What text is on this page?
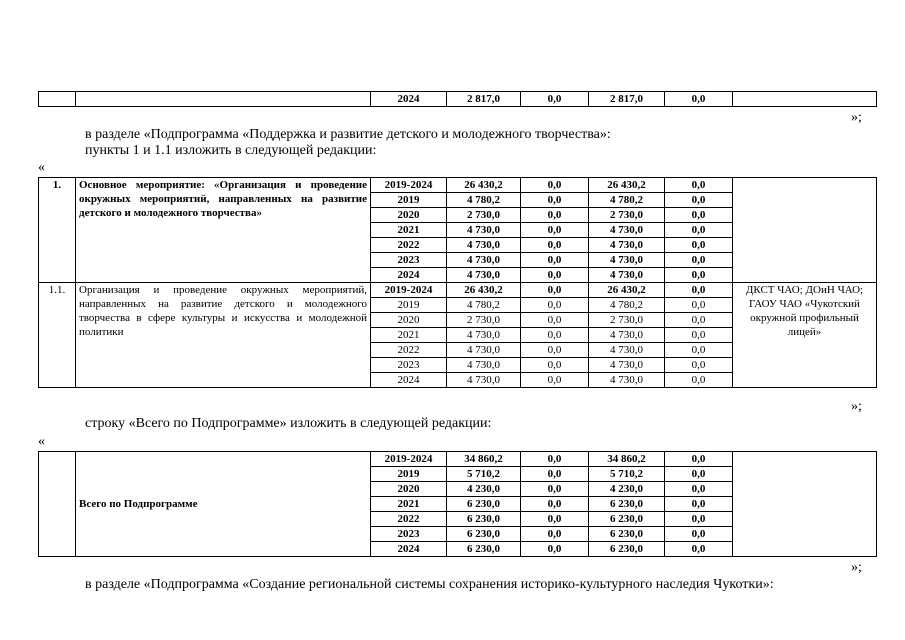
		2024	2 817,0	0,0	2 817,0	0,0	
»;
в разделе «Подпрограмма «Поддержка и развитие детского и молодежного творчества»:
пункты 1 и 1.1 изложить в следующей редакции:
«
1.	Основное мероприятие: «Организация и проведение окружных мероприятий, направленных на развитие детского и молодежного творчества»	2019-2024	26 430,2	0,0	26 430,2	0,0	
		2019	4 780,2	0,0	4 780,2	0,0	
		2020	2 730,0	0,0	2 730,0	0,0	
		2021	4 730,0	0,0	4 730,0	0,0	
		2022	4 730,0	0,0	4 730,0	0,0	
		2023	4 730,0	0,0	4 730,0	0,0	
		2024	4 730,0	0,0	4 730,0	0,0	
1.1.	Организация и проведение окружных мероприятий, направленных на развитие детского и молодежного творчества в сфере культуры и искусства и молодежной политики	2019-2024	26 430,2	0,0	26 430,2	0,0	ДКСТ ЧАО; ДОиН ЧАО; ГАОУ ЧАО «Чукотский окружной профильный лицей»
		2019	4 780,2	0,0	4 780,2	0,0	
		2020	2 730,0	0,0	2 730,0	0,0	
		2021	4 730,0	0,0	4 730,0	0,0	
		2022	4 730,0	0,0	4 730,0	0,0	
		2023	4 730,0	0,0	4 730,0	0,0	
		2024	4 730,0	0,0	4 730,0	0,0	
»;
строку «Всего по Подпрограмме» изложить в следующей редакции:
«
	Всего по Подпрограмме	2019-2024	34 860,2	0,0	34 860,2	0,0	
		2019	5 710,2	0,0	5 710,2	0,0	
		2020	4 230,0	0,0	4 230,0	0,0	
		2021	6 230,0	0,0	6 230,0	0,0	
		2022	6 230,0	0,0	6 230,0	0,0	
		2023	6 230,0	0,0	6 230,0	0,0	
		2024	6 230,0	0,0	6 230,0	0,0	
»;
в разделе «Подпрограмма «Создание региональной системы сохранения историко-культурного наследия Чукотки»:
